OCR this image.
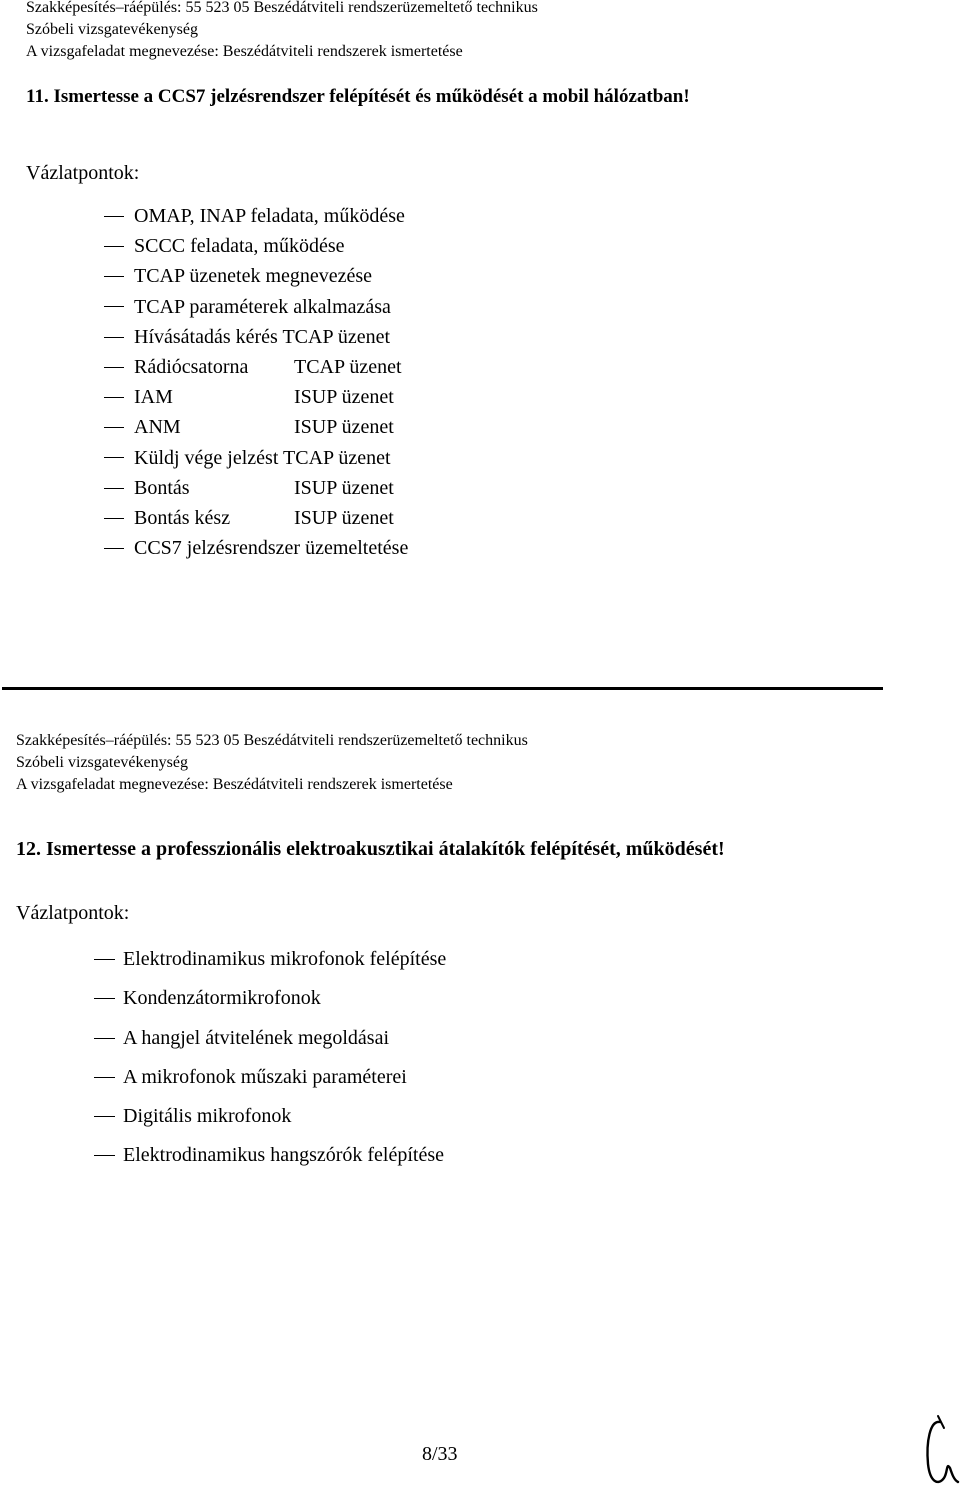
Szakképesítés–ráépülés: 55 523 05 Beszédátviteli rendszerüzemeltető technikus
Szóbeli vizsgatevékenység
A vizsgafeladat megnevezése: Beszédátviteli rendszerek ismertetése
11. Ismertesse a CCS7 jelzésrendszer felépítését és működését a mobil hálózatban!
Vázlatpontok:
OMAP, INAP feladata, működése
SCCC feladata, működése
TCAP üzenetek megnevezése
TCAP paraméterek alkalmazása
Hívásátadás kérés TCAP üzenet
Rádiócsatorna TCAP üzenet
IAM	ISUP üzenet
ANM	ISUP üzenet
Küldj vége jelzést TCAP üzenet
Bontás	ISUP üzenet
Bontás kész	ISUP üzenet
CCS7 jelzésrendszer üzemeltetése
Szakképesítés–ráépülés: 55 523 05 Beszédátviteli rendszerüzemeltető technikus
Szóbeli vizsgatevékenység
A vizsgafeladat megnevezése: Beszédátviteli rendszerek ismertetése
12. Ismertesse a professzionális elektroakusztikai átalakítók felépítését, működését!
Vázlatpontok:
Elektrodinamikus mikrofonok felépítése
Kondenzátormikrofonok
A hangjel átvitelének megoldásai
A mikrofonok műszaki paraméterei
Digitális mikrofonok
Elektrodinamikus hangszórók felépítése
8/33
